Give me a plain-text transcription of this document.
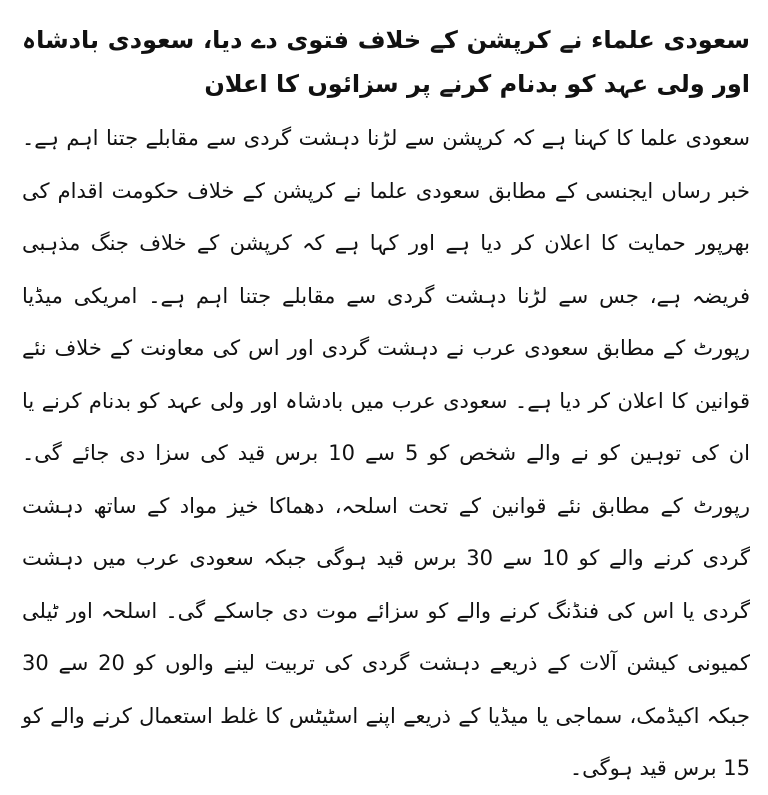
سعودی علماء نے کرپشن کے خلاف فتوی دے دیا، سعودی بادشاہ اور ولی عہد کو بدنام کرنے پر سزائوں کا اعلان

سعودی علما کا کہنا ہے کہ کرپشن سے لڑنا دہشت گردی سے مقابلے جتنا اہم ہے۔ خبر رساں ایجنسی کے مطابق سعودی علما نے کرپشن کے خلاف حکومت اقدام کی بھرپور حمایت کا اعلان کر دیا ہے اور کہا ہے کہ کرپشن کے خلاف جنگ مذہبی فریضہ ہے، جس سے لڑنا دہشت گردی سے مقابلے جتنا اہم ہے۔ امریکی میڈیا رپورٹ کے مطابق سعودی عرب نے دہشت گردی اور اس کی معاونت کے خلاف نئے قوانین کا اعلان کر دیا ہے۔ سعودی عرب میں بادشاہ اور ولی عہد کو بدنام کرنے یا ان کی توہین کو نے والے شخص کو 5 سے 10 برس قید کی سزا دی جائے گی۔ رپورٹ کے مطابق نئے قوانین کے تحت اسلحہ، دھماکا خیز مواد کے ساتھ دہشت گردی کرنے والے کو 10 سے 30 برس قید ہوگی جبکہ سعودی عرب میں دہشت گردی یا اس کی فنڈنگ کرنے والے کو سزائے موت دی جاسکے گی۔ اسلحہ اور ٹیلی کمیونی کیشن آلات کے ذریعے دہشت گردی کی تربیت لینے والوں کو 20 سے 30 جبکہ اکیڈمک، سماجی یا میڈیا کے ذریعے اپنے اسٹیٹس کا غلط استعمال کرنے والے کو 15 برس قید ہوگی۔
